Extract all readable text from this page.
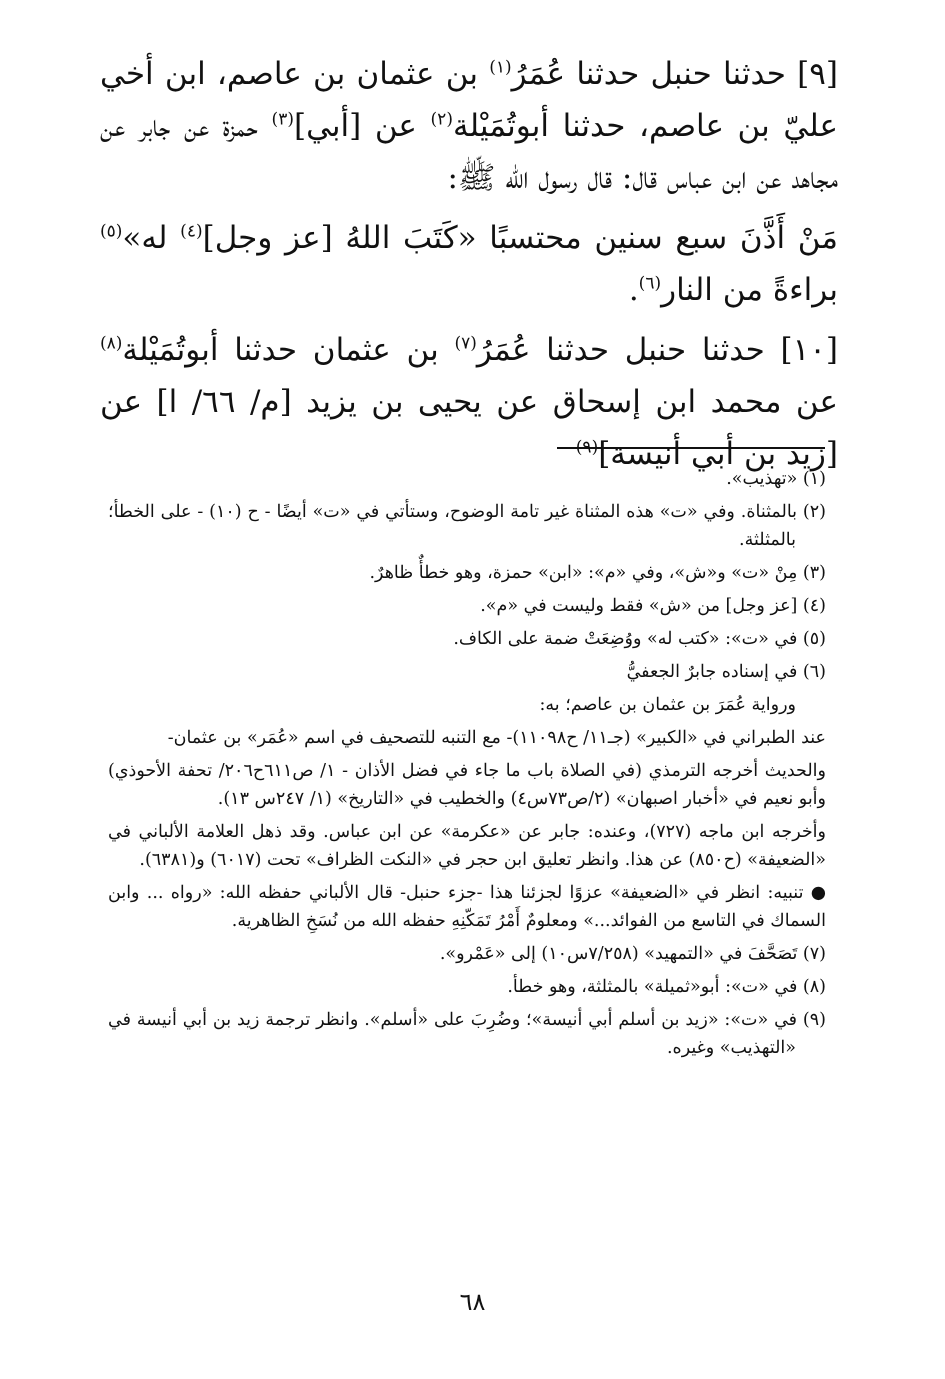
[٩] حدثنا حنبل حدثنا عُمَرُ$^{(١)}$ بن عثمان بن عاصم، ابن أخي عليّ بن عاصم، حدثنا أبوتُمَيْلة$^{(٢)}$ عن [أبي]$^{(٣)}$ حمزة عن جابر عن مجاهد عن ابن عباس قال: قال رسول الله ﷺ:

مَنْ أَذَّنَ سبع سنين محتسبًا «كَتَبَ اللهُ [عز وجل]$^{(٤)}$ له»$^{(٥)}$ براءةً من النار$^{(٦)}$.

[١٠] حدثنا حنبل حدثنا عُمَرُ$^{(٧)}$ بن عثمان حدثنا أبوتُمَيْلة$^{(٨)}$ عن محمد ابن إسحاق عن يحيى بن يزيد [م/ ٦٦/ ا] عن [زيد بن أبي أنيسة]$^{(٩)}$

(١) «تهذيب».

(٢) بالمثناة. وفي «ت» هذه المثناة غير تامة الوضوح، وستأتي في «ت» أيضًا - ح (١٠) - على الخطأ؛ بالمثلثة.

(٣) مِنْ «ت» و«ش»، وفي «م»: «ابن» حمزة، وهو خطأٌ ظاهرٌ.

(٤) [عز وجل] من «ش» فقط وليست في «م».

(٥) في «ت»: «كتب له» ووُضِعَتْ ضمة على الكاف.

(٦) في إسناده جابرٌ الجعفيُّ

ورواية عُمَرَ بن عثمان بن عاصم؛ به:

عند الطبراني في «الكبير» (جـ١١/ ح١١٠٩٨)- مع التنبه للتصحيف في اسم «عُمَر» بن عثمان-

والحديث أخرجه الترمذي (في الصلاة باب ما جاء في فضل الأذان - ١/ ص٦١١ح٢٠٦/ تحفة الأحوذي) وأبو نعيم في «أخبار اصبهان» (٢/ص٧٣س٤) والخطيب في «التاريخ» (١/ ٢٤٧س ١٣).

وأخرجه ابن ماجه (٧٢٧)، وعنده: جابر عن «عكرمة» عن ابن عباس. وقد ذهل العلامة الألباني في «الضعيفة» (ح٨٥٠) عن هذا. وانظر تعليق ابن حجر في «النكت الظراف» تحت (٦٠١٧) و(٦٣٨١).

● تنبيه: انظر في «الضعيفة» عزوًا لجزئنا هذا -جزء حنبل- قال الألباني حفظه الله: «رواه ... وابن السماك في التاسع من الفوائد...» ومعلومٌ أَمْرُ تَمَكّنِهِ حفظه الله من نُسَخِ الظاهرية.

(٧) تَصَحَّفَ في «التمهيد» (٧/٢٥٨س١٠) إلى «عَمْرو».

(٨) في «ت»: أبو«ثميلة» بالمثلثة، وهو خطأ.

(٩) في «ت»: «زيد بن أسلم أبي أنيسة»؛ وضُرِبَ على «أسلم». وانظر ترجمة زيد بن أبي أنيسة في «التهذيب» وغيره.

٦٨
